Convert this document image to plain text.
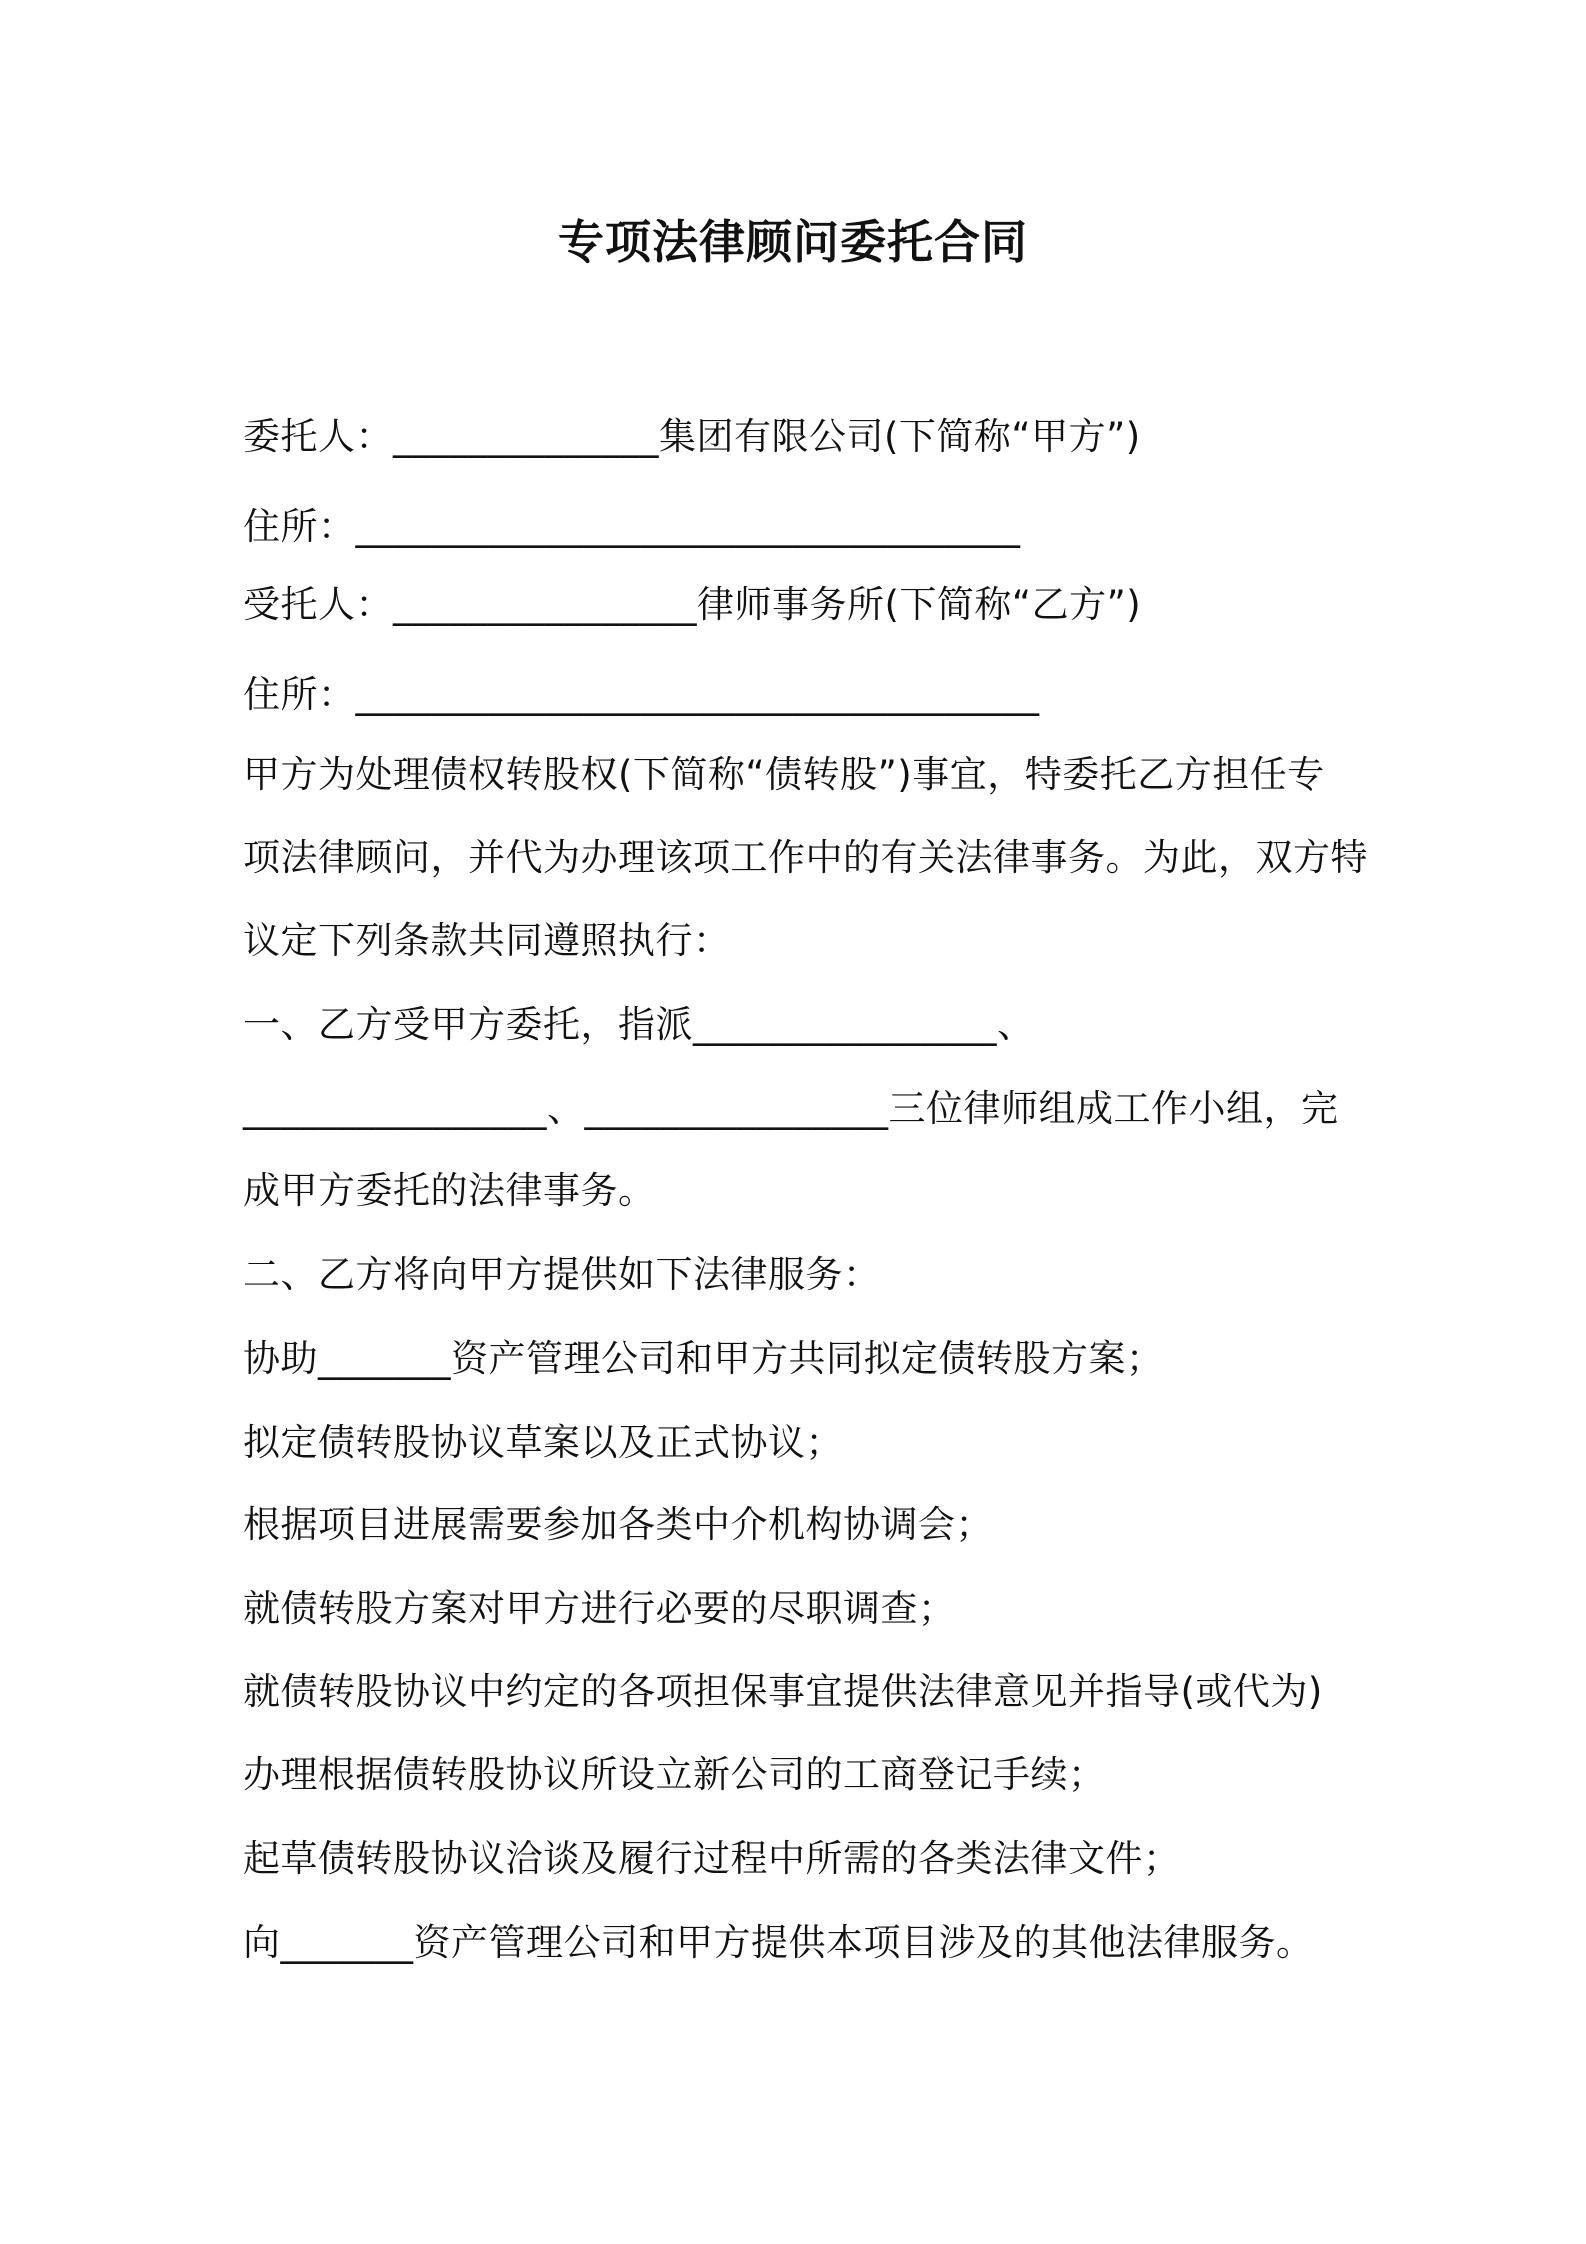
专项法律顾问委托合同
委托人：______________集团有限公司(下简称“甲方”)
住所：___________________________________
受托人：________________律师事务所(下简称“乙方”)
住所：____________________________________
甲方为处理债权转股权(下简称“债转股”)事宜，特委托乙方担任专
项法律顾问，并代为办理该项工作中的有关法律事务。为此，双方特
议定下列条款共同遵照执行：
一、乙方受甲方委托，指派________________、
________________、________________三位律师组成工作小组，完
成甲方委托的法律事务。
二、乙方将向甲方提供如下法律服务：
协助_______资产管理公司和甲方共同拟定债转股方案；
拟定债转股协议草案以及正式协议；
根据项目进展需要参加各类中介机构协调会；
就债转股方案对甲方进行必要的尽职调查；
就债转股协议中约定的各项担保事宜提供法律意见并指导(或代为)
办理根据债转股协议所设立新公司的工商登记手续；
起草债转股协议洽谈及履行过程中所需的各类法律文件；
向_______资产管理公司和甲方提供本项目涉及的其他法律服务。
